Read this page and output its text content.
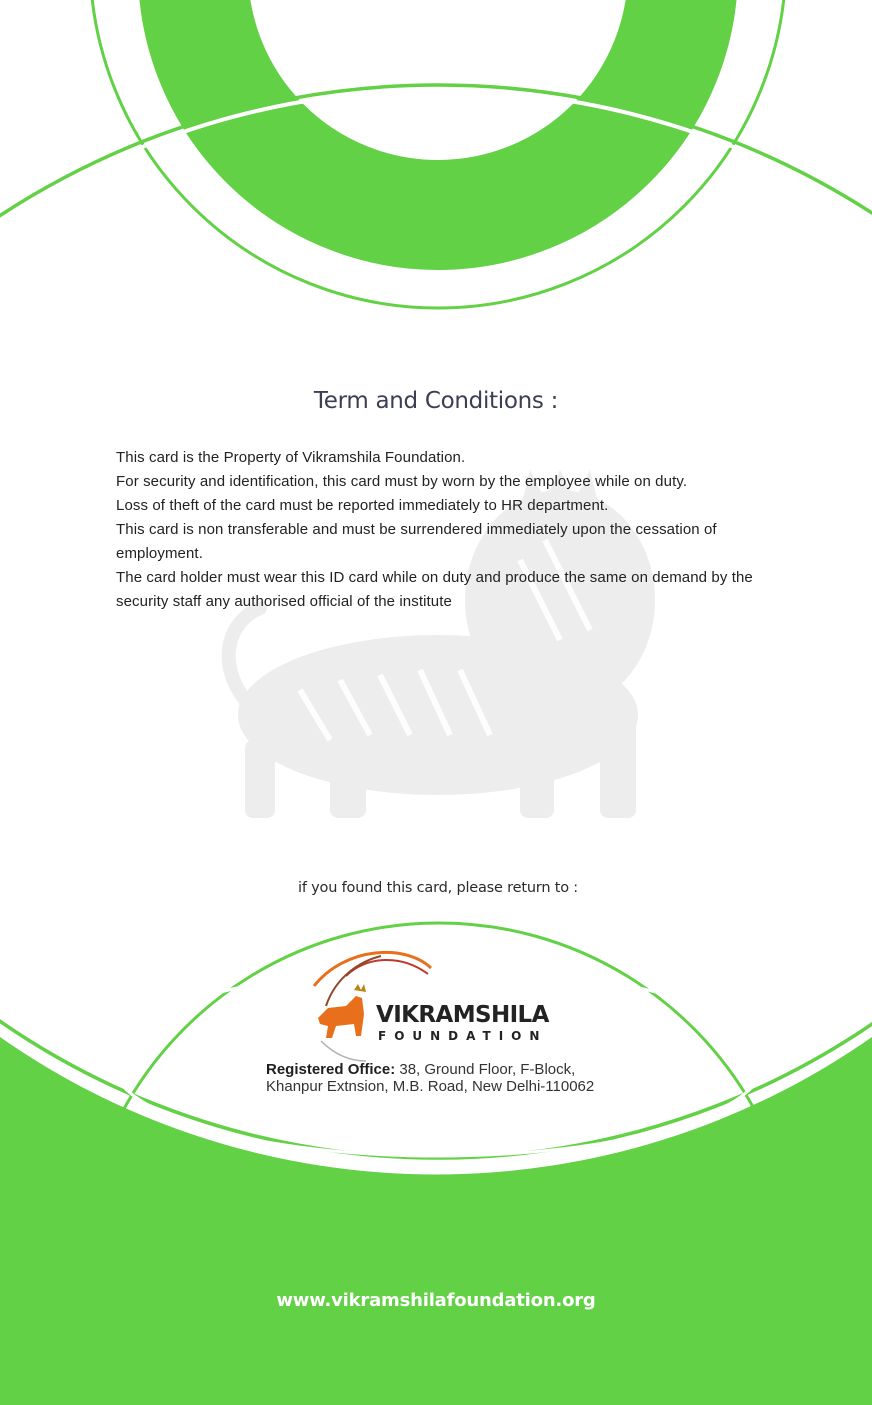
Term and Conditions :

This card is the Property of Vikramshila Foundation.

For security and identification, this card must by worn by the employee while on duty.

Loss of theft of the card must be reported immediately to HR department.

This card is non transferable and must be surrendered immediately upon the cessation of employment.

The card holder must wear this ID card while on duty and produce the same on demand by the security staff any authorised official of the institute

if you found this card, please return to :
VIKRAMSHILA
FOUNDATION
Registered Office: 38, Ground Floor, F-Block, Khanpur Extnsion, M.B. Road, New Delhi-110062
www.vikramshilafoundation.org
